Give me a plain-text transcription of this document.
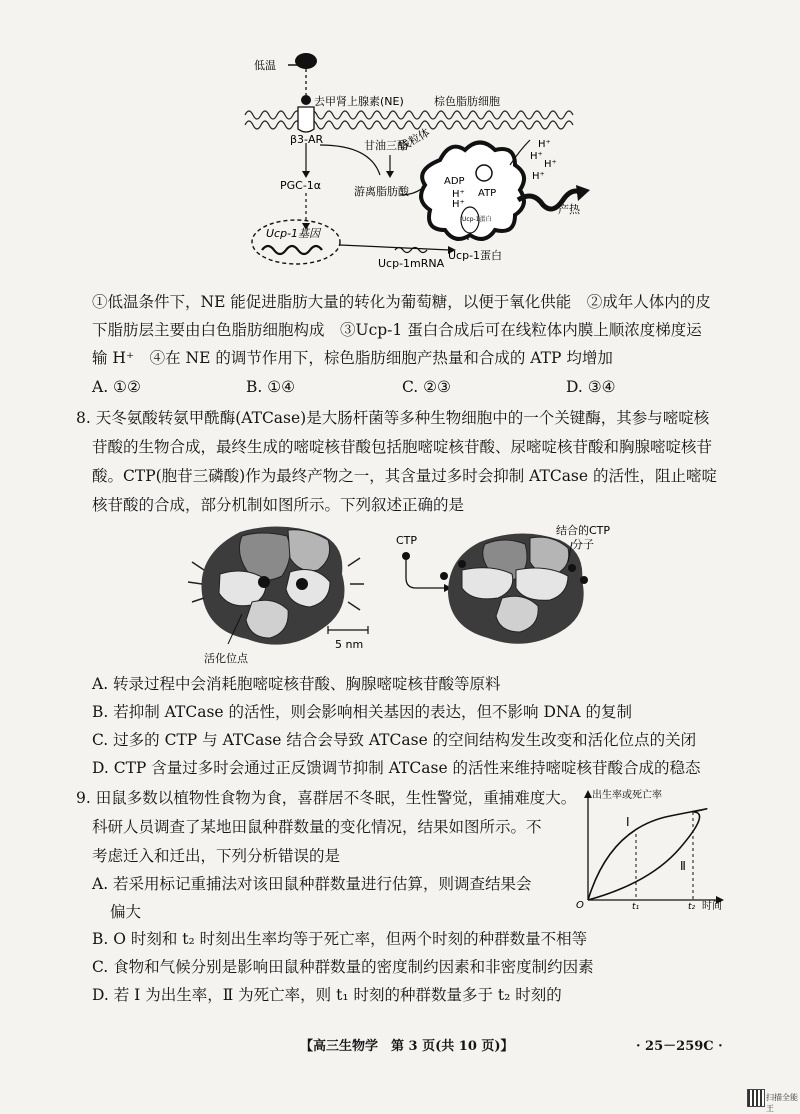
低温
去甲肾上腺素(NE)	棕色脂肪细胞
β3-AR	甘油三酯
PGC-1α	游离脂肪酸
线粒体
ADP
ATP
H⁺
H⁺
H⁺
H⁺
H⁺
H⁺
Ucp-1蛋白
产热
Ucp-1基因
Ucp-1mRNA
Ucp-1蛋白
①低温条件下，NE 能促进脂肪大量的转化为葡萄糖，以便于氧化供能　②成年人体内的皮
下脂肪层主要由白色脂肪细胞构成　③Ucp-1 蛋白合成后可在线粒体内膜上顺浓度梯度运
输 H⁺　④在 NE 的调节作用下，棕色脂肪细胞产热量和合成的 ATP 均增加
A. ①②	B. ①④	C. ②③	D. ③④
8. 天冬氨酸转氨甲酰酶(ATCase)是大肠杆菌等多种生物细胞中的一个关键酶，其参与嘧啶核
苷酸的生物合成，最终生成的嘧啶核苷酸包括胞嘧啶核苷酸、尿嘧啶核苷酸和胸腺嘧啶核苷
酸。CTP(胞苷三磷酸)作为最终产物之一，其含量过多时会抑制 ATCase 的活性，阻止嘧啶
核苷酸的合成，部分机制如图所示。下列叙述正确的是
CTP
结合的CTP
分子
5 nm
活化位点
A. 转录过程中会消耗胞嘧啶核苷酸、胸腺嘧啶核苷酸等原料
B. 若抑制 ATCase 的活性，则会影响相关基因的表达，但不影响 DNA 的复制
C. 过多的 CTP 与 ATCase 结合会导致 ATCase 的空间结构发生改变和活化位点的关闭
D. CTP 含量过多时会通过正反馈调节抑制 ATCase 的活性来维持嘧啶核苷酸合成的稳态
9. 田鼠多数以植物性食物为食，喜群居不冬眠，生性警觉，重捕难度大。
科研人员调查了某地田鼠种群数量的变化情况，结果如图所示。不
考虑迁入和迁出，下列分析错误的是
A. 若采用标记重捕法对该田鼠种群数量进行估算，则调查结果会
偏大
B. O 时刻和 t₂ 时刻出生率均等于死亡率，但两个时刻的种群数量不相等
C. 食物和气候分别是影响田鼠种群数量的密度制约因素和非密度制约因素
D. 若 Ⅰ 为出生率，Ⅱ 为死亡率，则 t₁ 时刻的种群数量多于 t₂ 时刻的
出生率或死亡率
O	t₁	t₂ 时间
Ⅰ
Ⅱ
【高三生物学　第 3 页(共 10 页)】	· 25－259C ·
扫描全能王
